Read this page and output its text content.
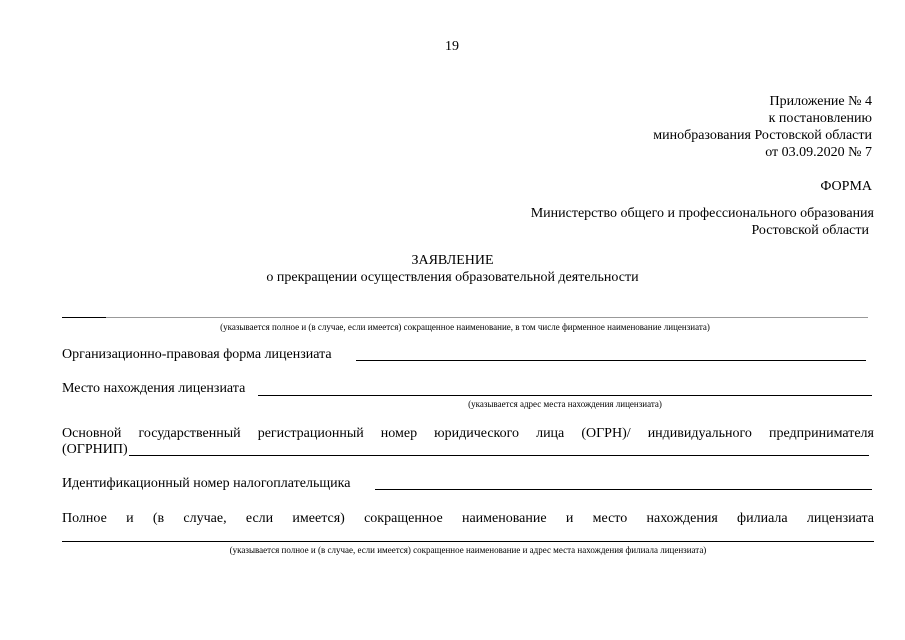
19
Приложение № 4
к постановлению
минобразования Ростовской области
от 03.09.2020 № 7
ФОРМА
Министерство общего и профессионального образования
Ростовской области
ЗАЯВЛЕНИЕ
о прекращении осуществления образовательной деятельности
(указывается полное и (в случае, если имеется) сокращенное наименование, в том числе фирменное наименование лицензиата)
Организационно-правовая форма лицензиата
Место нахождения лицензиата
(указывается адрес места нахождения лицензиата)
Основной государственный регистрационный номер юридического лица (ОГРН)/ индивидуального предпринимателя
(ОГРНИП)
Идентификационный номер налогоплательщика
Полное и (в случае, если имеется) сокращенное наименование и место нахождения филиала лицензиата
(указывается полное и (в случае, если имеется) сокращенное наименование и адрес места нахождения филиала лицензиата)
